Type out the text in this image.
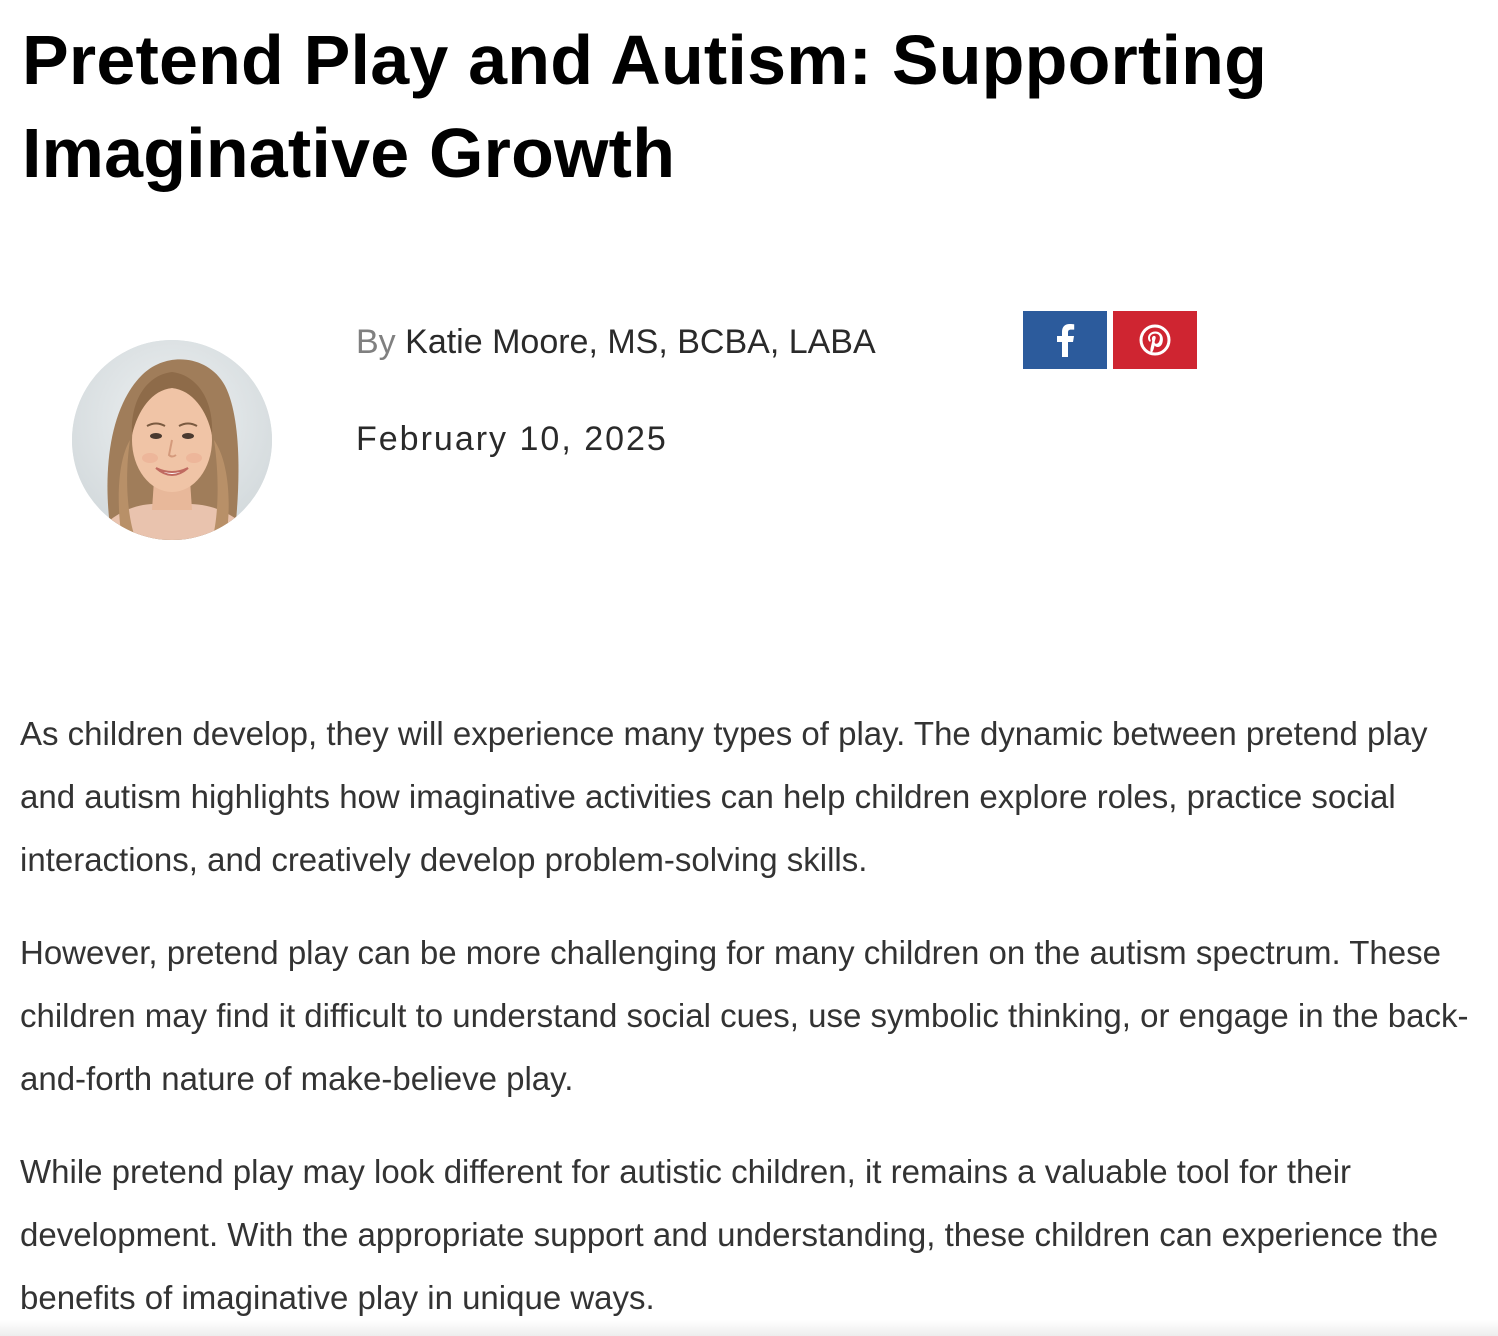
Pretend Play and Autism: Supporting Imaginative Growth
By Katie Moore, MS, BCBA, LABA
February 10, 2025

As children develop, they will experience many types of play. The dynamic between pretend play and autism highlights how imaginative activities can help children explore roles, practice social interactions, and creatively develop problem-solving skills.

However, pretend play can be more challenging for many children on the autism spectrum. These children may find it difficult to understand social cues, use symbolic thinking, or engage in the back-and-forth nature of make-believe play.

While pretend play may look different for autistic children, it remains a valuable tool for their development. With the appropriate support and understanding, these children can experience the benefits of imaginative play in unique ways.
